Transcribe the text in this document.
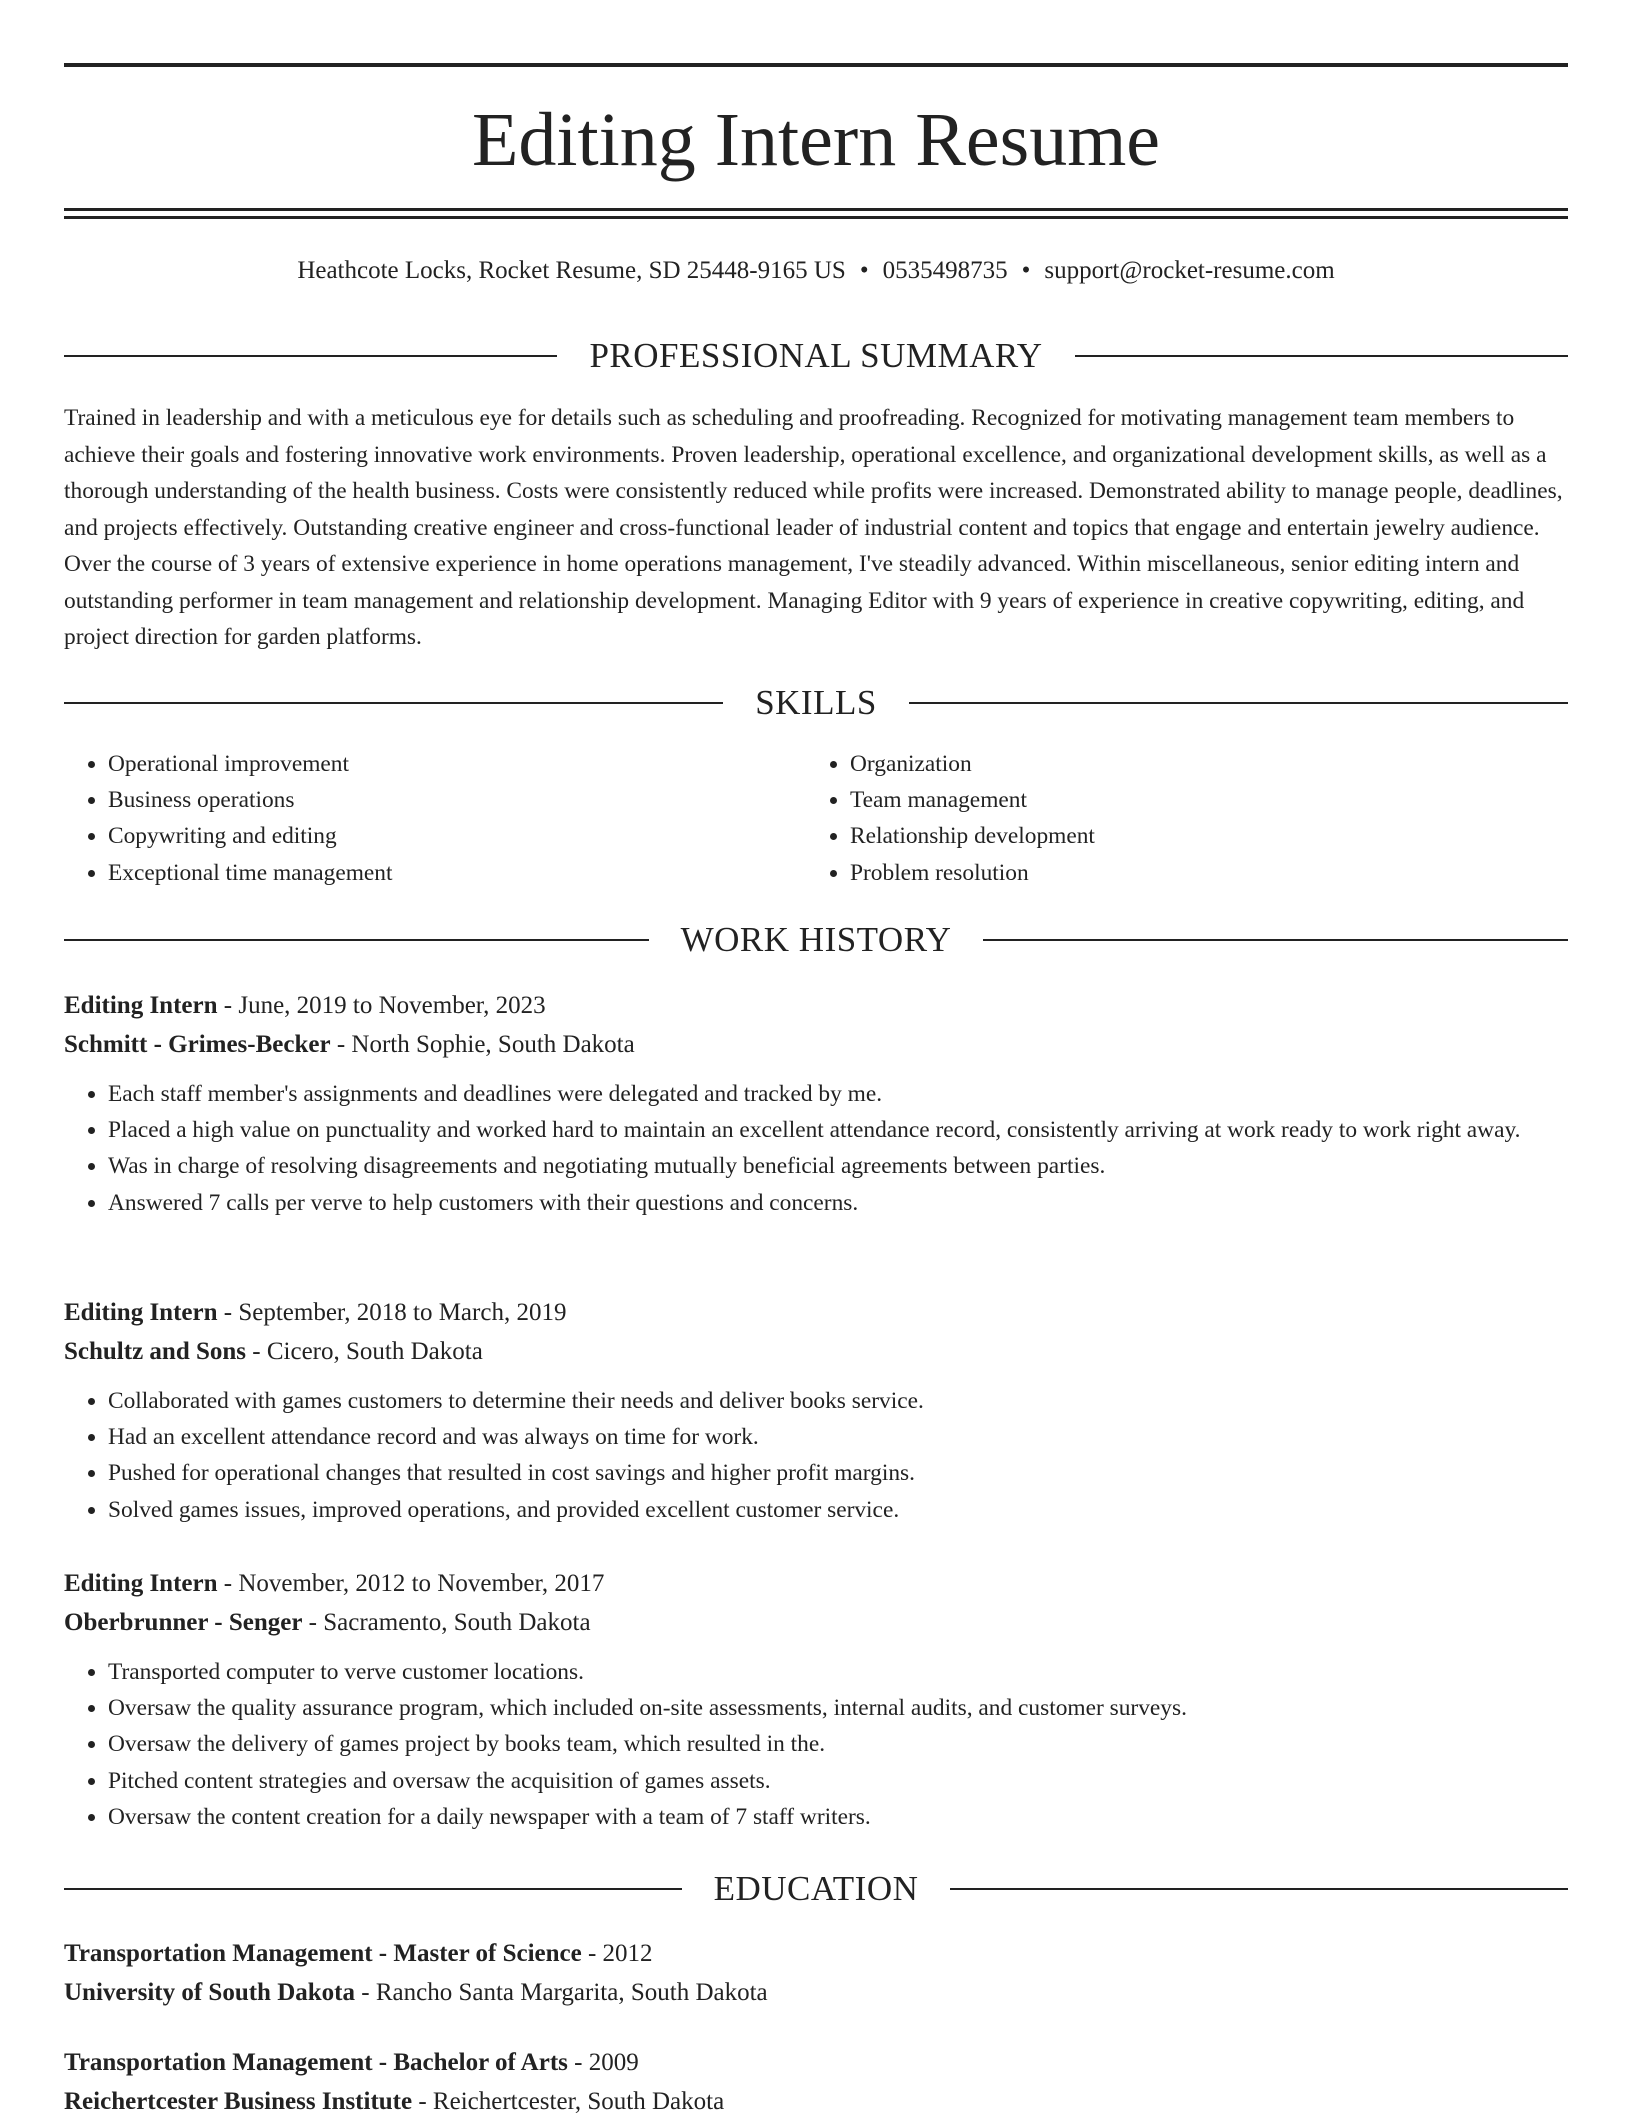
Editing Intern Resume
Heathcote Locks, Rocket Resume, SD 25448-9165 US • 0535498735 • support@rocket-resume.com
PROFESSIONAL SUMMARY

Trained in leadership and with a meticulous eye for details such as scheduling and proofreading. Recognized for motivating management team members to achieve their goals and fostering innovative work environments. Proven leadership, operational excellence, and organizational development skills, as well as a thorough understanding of the health business. Costs were consistently reduced while profits were increased. Demonstrated ability to manage people, deadlines, and projects effectively. Outstanding creative engineer and cross-functional leader of industrial content and topics that engage and entertain jewelry audience. Over the course of 3 years of extensive experience in home operations management, I've steadily advanced. Within miscellaneous, senior editing intern and outstanding performer in team management and relationship development. Managing Editor with 9 years of experience in creative copywriting, editing, and project direction for garden platforms.

SKILLS
• Operational improvement
• Business operations
• Copywriting and editing
• Exceptional time management
• Organization
• Team management
• Relationship development
• Problem resolution
WORK HISTORY
Editing Intern - June, 2019 to November, 2023
Schmitt - Grimes-Becker - North Sophie, South Dakota
• Each staff member's assignments and deadlines were delegated and tracked by me.
• Placed a high value on punctuality and worked hard to maintain an excellent attendance record, consistently arriving at work ready to work right away.
• Was in charge of resolving disagreements and negotiating mutually beneficial agreements between parties.
• Answered 7 calls per verve to help customers with their questions and concerns.
Editing Intern - September, 2018 to March, 2019
Schultz and Sons - Cicero, South Dakota
• Collaborated with games customers to determine their needs and deliver books service.
• Had an excellent attendance record and was always on time for work.
• Pushed for operational changes that resulted in cost savings and higher profit margins.
• Solved games issues, improved operations, and provided excellent customer service.
Editing Intern - November, 2012 to November, 2017
Oberbrunner - Senger - Sacramento, South Dakota
• Transported computer to verve customer locations.
• Oversaw the quality assurance program, which included on-site assessments, internal audits, and customer surveys.
• Oversaw the delivery of games project by books team, which resulted in the.
• Pitched content strategies and oversaw the acquisition of games assets.
• Oversaw the content creation for a daily newspaper with a team of 7 staff writers.
EDUCATION
Transportation Management - Master of Science - 2012
University of South Dakota - Rancho Santa Margarita, South Dakota
Transportation Management - Bachelor of Arts - 2009
Reichertcester Business Institute - Reichertcester, South Dakota
